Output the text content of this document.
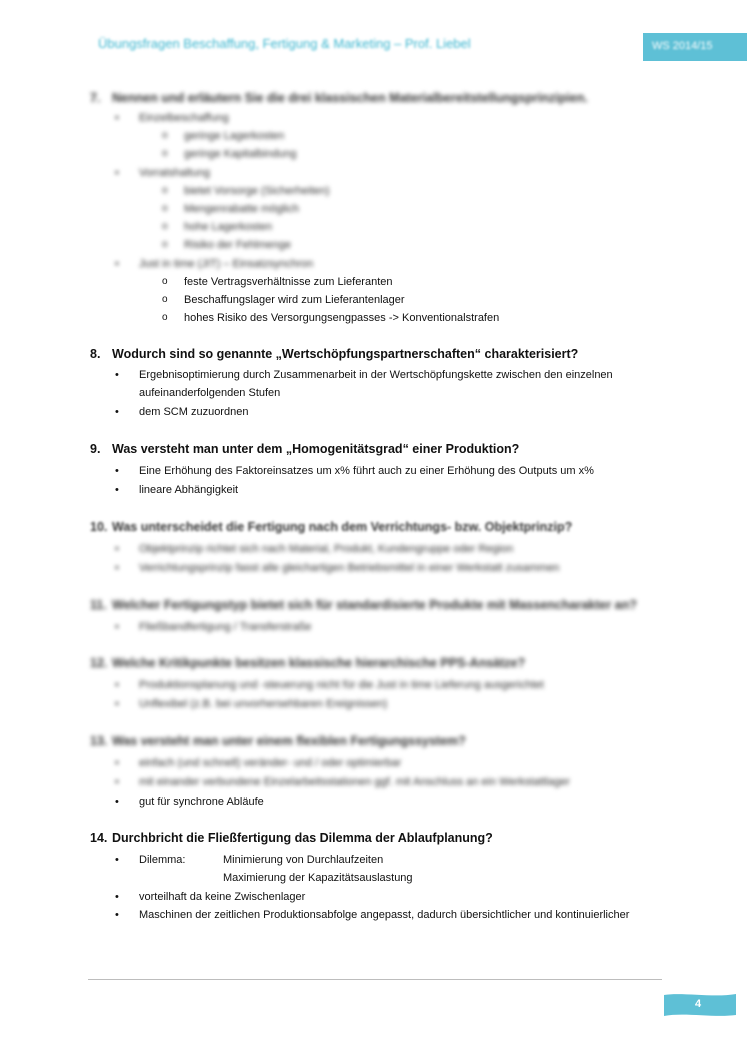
Übungsfragen Beschaffung, Fertigung & Marketing – Prof. Liebel	WS 2014/15
7. Nennen und erläutern Sie die drei klassischen Materialbereitstellungsprinzipien.
• Einzelbeschaffung
o geringe Lagerkosten
o geringe Kapitalbindung
• Vorratshaltung
o bietet Vorsorge (Sicherheiten)
o Mengenrabatte möglich
o hohe Lagerkosten
o Risiko der Fehlmenge
• Just in time (JIT) – Einsatzsynchron
o feste Vertragsverhältnisse zum Lieferanten
o Beschaffungslager wird zum Lieferantenlager
o hohes Risiko des Versorgungsengpasses -> Konventionalstrafen
8. Wodurch sind so genannte „Wertschöpfungspartnerschaften“ charakterisiert?
• Ergebnisoptimierung durch Zusammenarbeit in der Wertschöpfungskette zwischen den einzelnen
aufeinanderfolgenden Stufen
• dem SCM zuzuordnen
9. Was versteht man unter dem „Homogenitätsgrad“ einer Produktion?
• Eine Erhöhung des Faktoreinsatzes um x% führt auch zu einer Erhöhung des Outputs um x%
• lineare Abhängigkeit
10. Was unterscheidet die Fertigung nach dem Verrichtungs- bzw. Objektprinzip?
• Objektprinzip richtet sich nach Material, Produkt, Kundengruppe oder Region
• Verrichtungsprinzip fasst alle gleichartigen Betriebsmittel in einer Werkstatt zusammen
11. Welcher Fertigungstyp bietet sich für standardisierte Produkte mit Massencharakter an?
• Fließbandfertigung / Transferstraße
12. Welche Kritikpunkte besitzen klassische hierarchische PPS-Ansätze?
• Produktionsplanung und -steuerung nicht für die Just in time Lieferung ausgerichtet
• Unflexibel (z.B. bei unvorhersehbaren Ereignissen)
13. Was versteht man unter einem flexiblen Fertigungssystem?
• einfach (und schnell) veränder- und / oder optimierbar
• mit einander verbundene Einzelarbeitsstationen ggf. mit Anschluss an ein Werkstattlager
• gut für synchrone Abläufe
14. Durchbricht die Fließfertigung das Dilemma der Ablaufplanung?
• Dilemma:	Minimierung von Durchlaufzeiten
Maximierung der Kapazitätsauslastung
• vorteilhaft da keine Zwischenlager
• Maschinen der zeitlichen Produktionsabfolge angepasst, dadurch übersichtlicher und kontinuierlicher
4
